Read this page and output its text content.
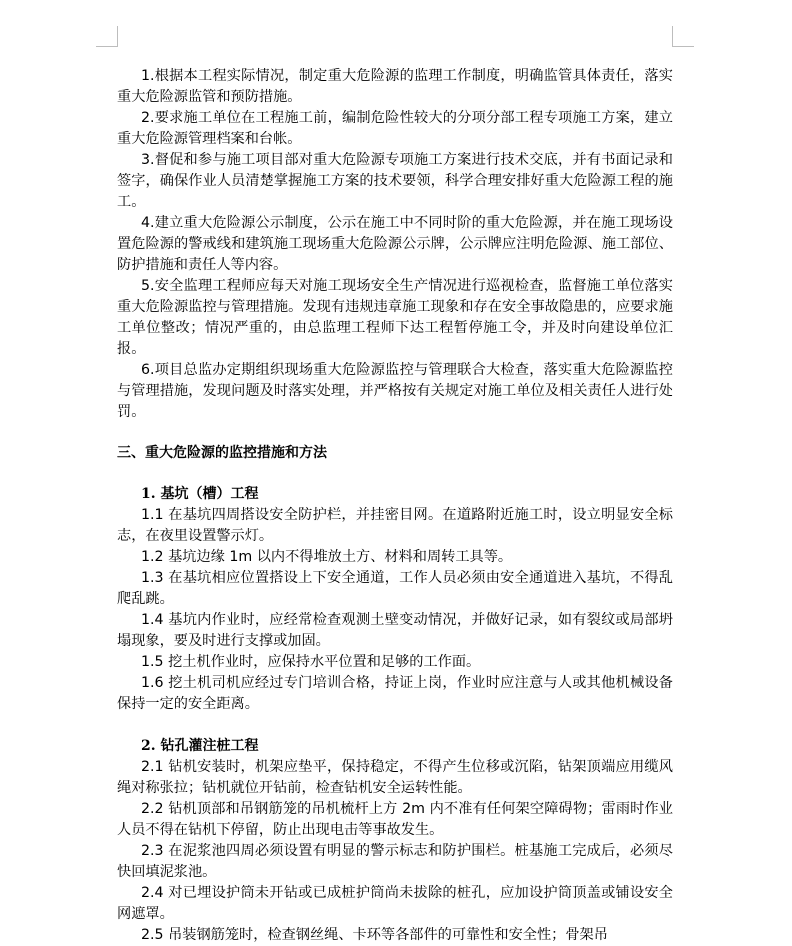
1.根据本工程实际情况，制定重大危险源的监理工作制度，明确监管具体责任，落实重大危险源监管和预防措施。

2.要求施工单位在工程施工前，编制危险性较大的分项分部工程专项施工方案，建立重大危险源管理档案和台帐。

3.督促和参与施工项目部对重大危险源专项施工方案进行技术交底，并有书面记录和签字，确保作业人员清楚掌握施工方案的技术要领，科学合理安排好重大危险源工程的施工。

4.建立重大危险源公示制度，公示在施工中不同时阶的重大危险源，并在施工现场设置危险源的警戒线和建筑施工现场重大危险源公示牌，公示牌应注明危险源、施工部位、防护措施和责任人等内容。

5.安全监理工程师应每天对施工现场安全生产情况进行巡视检查，监督施工单位落实重大危险源监控与管理措施。发现有违规违章施工现象和存在安全事故隐患的，应要求施工单位整改；情况严重的，由总监理工程师下达工程暂停施工令，并及时向建设单位汇报。

6.项目总监办定期组织现场重大危险源监控与管理联合大检查，落实重大危险源监控与管理措施，发现问题及时落实处理，并严格按有关规定对施工单位及相关责任人进行处罚。

三、重大危险源的监控措施和方法

1. 基坑（槽）工程

1.1 在基坑四周搭设安全防护栏，并挂密目网。在道路附近施工时，设立明显安全标志，在夜里设置警示灯。

1.2 基坑边缘 1m 以内不得堆放土方、材料和周转工具等。

1.3 在基坑相应位置搭设上下安全通道，工作人员必须由安全通道进入基坑，不得乱爬乱跳。

1.4 基坑内作业时，应经常检查观测土壁变动情况，并做好记录，如有裂纹或局部坍塌现象，要及时进行支撑或加固。

1.5 挖土机作业时，应保持水平位置和足够的工作面。

1.6 挖土机司机应经过专门培训合格，持证上岗，作业时应注意与人或其他机械设备保持一定的安全距离。

2. 钻孔灌注桩工程

2.1 钻机安装时，机架应垫平，保持稳定，不得产生位移或沉陷，钻架顶端应用缆风绳对称张拉；钻机就位开钻前，检查钻机安全运转性能。

2.2 钻机顶部和吊钢筋笼的吊机梳杆上方 2m 内不准有任何架空障碍物；雷雨时作业人员不得在钻机下停留，防止出现电击等事故发生。

2.3 在泥浆池四周必须设置有明显的警示标志和防护围栏。桩基施工完成后，必须尽快回填泥浆池。

2.4 对已埋设护筒未开钻或已成桩护筒尚未拔除的桩孔，应加设护筒顶盖或铺设安全网遮罩。

2.5 吊装钢筋笼时，检查钢丝绳、卡环等各部件的可靠性和安全性；骨架吊
